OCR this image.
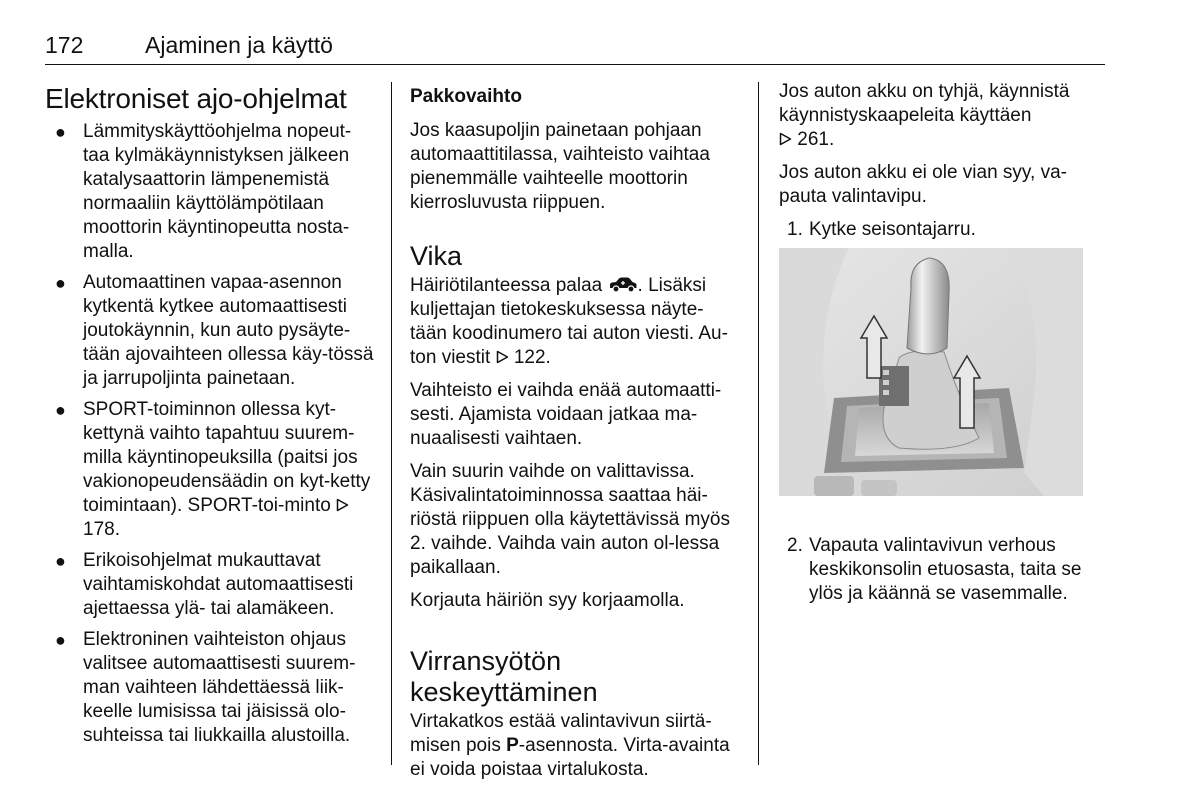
172	Ajaminen ja käyttö
Elektroniset ajo-ohjelmat
● Lämmityskäyttöohjelma nopeut-taa kylmäkäynnistyksen jälkeen katalysaattorin lämpenemistä normaaliin käyttölämpötilaan moottorin käyntinopeutta nosta-malla.
● Automaattinen vapaa-asennon kytkentä kytkee automaattisesti joutokäynnin, kun auto pysäyte-tään ajovaihteen ollessa käy-tössä ja jarrupoljinta painetaan.
● SPORT-toiminnon ollessa kyt-kettynä vaihto tapahtuu suurem-milla käyntinopeuksilla (paitsi jos vakionopeudensäädin on kyt-ketty toimintaan). SPORT-toi-minto  178.
● Erikoisohjelmat mukauttavat vaihtamiskohdat automaattisesti ajettaessa ylä- tai alamäkeen.
● Elektroninen vaihteiston ohjaus valitsee automaattisesti suurem-man vaihteen lähdettäessä liik-keelle lumisissa tai jäisissä olo-suhteissa tai liukkailla alustoilla.
Pakkovaihto

Jos kaasupoljin painetaan pohjaan automaattitilassa, vaihteisto vaihtaa pienemmälle vaihteelle moottorin kierrosluvusta riippuen.

Vika

Häiriötilanteessa palaa . Lisäksi kuljettajan tietokeskuksessa näyte-tään koodinumero tai auton viesti. Au-ton viestit  122.

Vaihteisto ei vaihda enää automaatti-sesti. Ajamista voidaan jatkaa ma-nuaalisesti vaihtaen.

Vain suurin vaihde on valittavissa. Käsivalintatoiminnossa saattaa häi-riöstä riippuen olla käytettävissä myös 2. vaihde. Vaihda vain auton ol-lessa paikallaan.

Korjauta häiriön syy korjaamolla.

Virransyötön
keskeyttäminen

Virtakatkos estää valintavivun siirtä-misen pois P-asennosta. Virta-avainta ei voida poistaa virtalukosta.

Jos auton akku on tyhjä, käynnistä käynnistyskaapeleita käyttäen
261.

Jos auton akku ei ole vian syy, va-pauta valintavipu.

1. Kytke seisontajarru.
2. Vapauta valintavivun verhous keskikonsolin etuosasta, taita se ylös ja käännä se vasemmalle.
